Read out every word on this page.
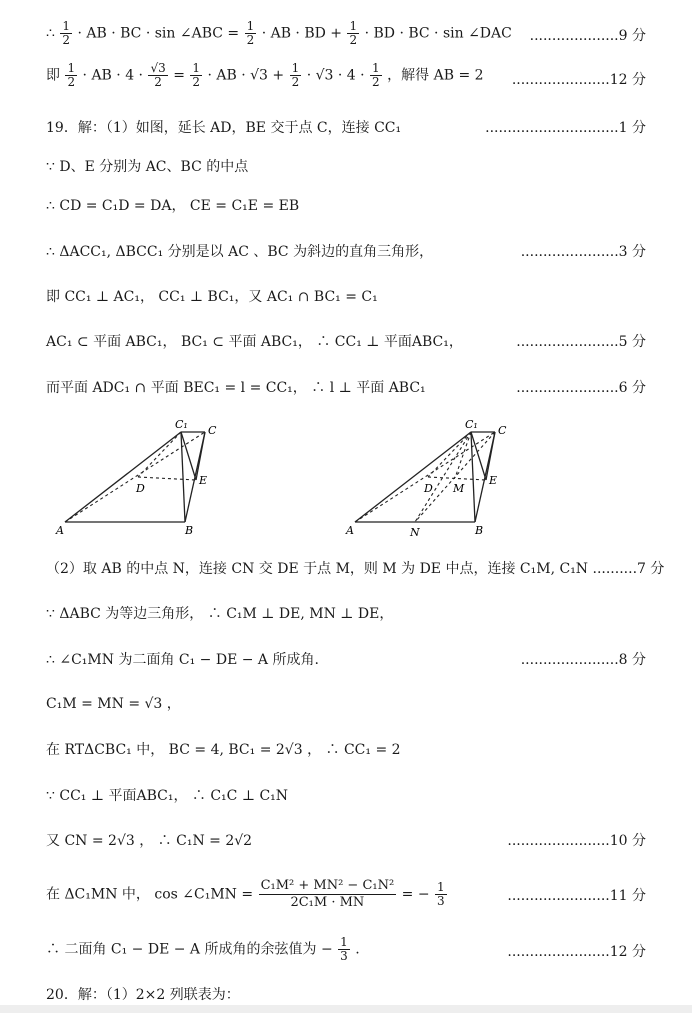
∴ $\frac{1}{2}$ · AB · BC · sin ∠ABC = $\frac{1}{2}$ · AB · BD + $\frac{1}{2}$ · BD · BC · sin ∠DAC ....................9 分
即 $\frac{1}{2}$ · AB · $4 \cdot \frac{√3}{2} = \frac{1}{2}$ · AB · $√3 + \frac{1}{2} \cdot √3 \cdot 4 \cdot \frac{1}{2}$ ，解得 AB = 2 ......................12 分
19．解：（1）如图，延长 AD，BE 交于点 C，连接 CC₁	..............................1 分
∵ D、E 分别为 AC、BC 的中点
∴ CD = C₁D = DA， CE = C₁E = EB
∴ ΔACC₁, ΔBCC₁ 分别是以 AC 、BC 为斜边的直角三角形，	......................3 分
即 CC₁ ⊥ AC₁， CC₁ ⊥ BC₁，又 AC₁ ∩ BC₁ = C₁
AC₁ ⊂ 平面 ABC₁， BC₁ ⊂ 平面 ABC₁， ∴ CC₁ ⊥ 平面ABC₁，	.......................5 分
而平面 ADC₁ ∩ 平面 BEC₁ = l = CC₁， ∴ l ⊥ 平面 ABC₁	.......................6 分
C₁ C
D
E
A	B
C₁ C
D M
E
A	N	B
（2）取 AB 的中点 N，连接 CN 交 DE 于点 M，则 M 为 DE 中点，连接 C₁M, C₁N ..........7 分
∵ ΔABC 为等边三角形， ∴ C₁M ⊥ DE, MN ⊥ DE，
∴ ∠C₁MN 为二面角 C₁ − DE − A 所成角.	......................8 分
C₁M = MN = √3 ，
在 RTΔCBC₁ 中， BC = 4, BC₁ = 2√3 ， ∴ CC₁ = 2
∵ CC₁ ⊥ 平面ABC₁， ∴ C₁C ⊥ C₁N
又 CN = 2√3 ， ∴ C₁N = 2√2	.......................10 分
在 ΔC₁MN 中， cos ∠C₁MN = $\frac{\text{C₁M² + MN² − C₁N²}}{\text{2C₁M · MN}}$ = − $\frac{1}{3}$	.......................11 分
∴ 二面角 C₁ − DE − A 所成角的余弦值为 − $\frac{1}{3}$ .	.......................12 分
20．解：（1）2×2 列联表为：
